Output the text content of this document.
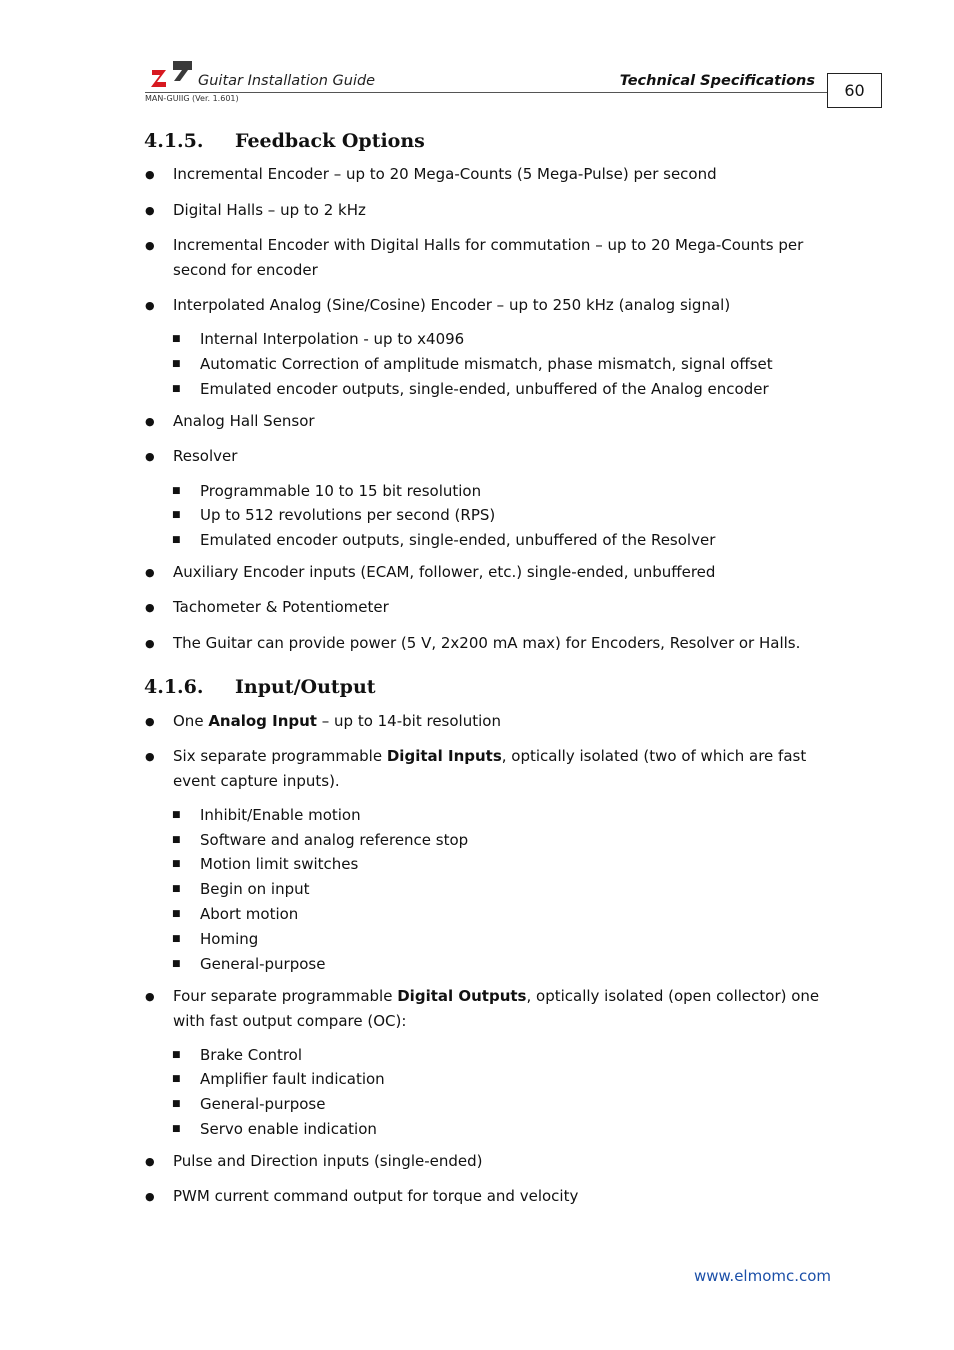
Guitar Installation Guide	Technical Specifications
MAN-GUIIG (Ver. 1.601)	60
4.1.5. Feedback Options
● Incremental Encoder – up to 20 Mega-Counts (5 Mega-Pulse) per second
● Digital Halls – up to 2 kHz
● Incremental Encoder with Digital Halls for commutation – up to 20 Mega-Counts per second for encoder
● Interpolated Analog (Sine/Cosine) Encoder – up to 250 kHz (analog signal)
■ Internal Interpolation - up to x4096
■ Automatic Correction of amplitude mismatch, phase mismatch, signal offset
■ Emulated encoder outputs, single-ended, unbuffered of the Analog encoder
● Analog Hall Sensor
● Resolver
■ Programmable 10 to 15 bit resolution
■ Up to 512 revolutions per second (RPS)
■ Emulated encoder outputs, single-ended, unbuffered of the Resolver
● Auxiliary Encoder inputs (ECAM, follower, etc.) single-ended, unbuffered
● Tachometer & Potentiometer
● The Guitar can provide power (5 V, 2x200 mA max) for Encoders, Resolver or Halls.
4.1.6. Input/Output
● One Analog Input – up to 14-bit resolution
● Six separate programmable Digital Inputs, optically isolated (two of which are fast event capture inputs).
■ Inhibit/Enable motion
■ Software and analog reference stop
■ Motion limit switches
■ Begin on input
■ Abort motion
■ Homing
■ General-purpose
● Four separate programmable Digital Outputs, optically isolated (open collector) one with fast output compare (OC):
■ Brake Control
■ Amplifier fault indication
■ General-purpose
■ Servo enable indication
● Pulse and Direction inputs (single-ended)
● PWM current command output for torque and velocity
www.elmomc.com
